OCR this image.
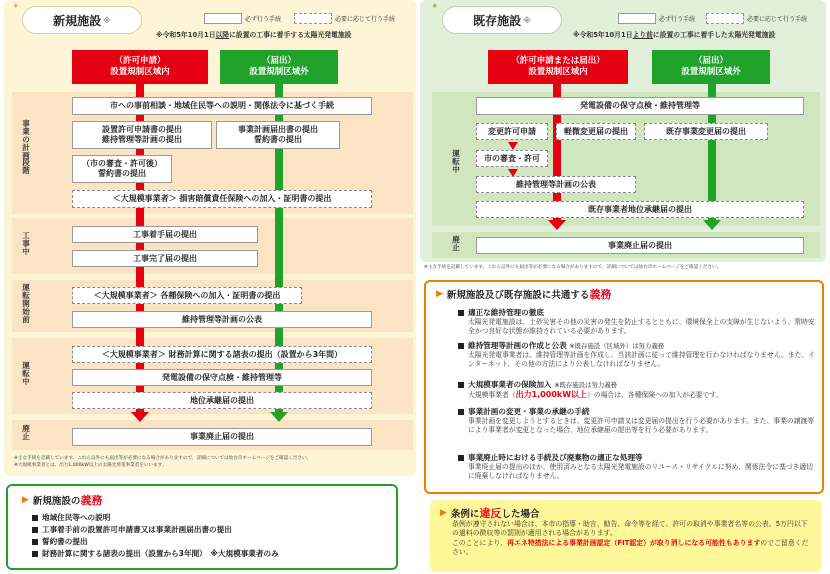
新規施設 ※
✦
必ず行う手続	必要に応じて行う手続
※令和5年10月1日以降に設置の工事に着手する太陽光発電施設
事業の計画段階
工事中
運転開始前
運転中
廃止
（許可申請）
設置規制区域内
（届出）
設置規制区域外
市への事前相談・地域住民等への説明・関係法令に基づく手続
設置許可申請書の提出
維持管理等計画の提出
事業計画届出書の提出
誓約書の提出
（市の審査・許可後）
誓約書の提出
＜大規模事業者＞
損害賠償責任保険への加入・証明書の提出
工事着手届の提出
工事完了届の提出
＜大規模事業者＞
各種保険への加入・証明書の提出
維持管理等計画の公表
＜大規模事業者＞
財務計算に関する諸表の提出（設置から3年間）
発電設備の保守点検・維持管理等
地位承継届の提出
事業廃止届の提出
※主な手続を記載しています。これら以外にも届出等が必要になる場合がありますので、詳細については仙台市ホームページをご確認ください。
※大規模事業者とは、出力1,000kW以上の太陽光発電事業者をいいます。
▶ 新規施設の義務
地域住民等への説明
工事着手前の設置許可申請書又は事業計画届出書の提出
誓約書の提出
財務計算に関する諸表の提出（設置から3年間）　※大規模事業者のみ
既存施設 ※
✦
必ず行う手続	必要に応じて行う手続
※令和5年10月1日より前に設置の工事に着手した太陽光発電施設
運転中
廃止
（許可申請または届出）
設置規制区域内
（届出）
設置規制区域外
発電設備の保守点検・維持管理等
変更許可申請	軽微変更届の提出	既存事業変更届の提出
市の審査・許可
維持管理等計画の公表
既存事業者地位承継届の提出
事業廃止届の提出
※主な手続を記載しています。これら以外にも届出等が必要になる場合がありますので、詳細については仙台市ホームページをご確認ください。
▶ 新規施設及び既存施設に共通する義務
適正な維持管理の徹底
太陽光発電施設は、土砂災害その他の災害の発生を防止するとともに、環境保全上の支障が生じないよう、常時安全かつ良好な状態が維持されている必要があります。
維持管理等計画の作成と公表 ※既存施設（区域外）は努力義務
太陽光発電事業者は、維持管理等計画を作成し、当該計画に従って維持管理を行わなければなりません。また、インターネット、その他の方法により公表しなければなりません。
大規模事業者の保険加入 ※既存施設は努力義務
大規模事業者（出力1,000kW以上）の場合は、各種保険への加入が必要です。
事業計画の変更・事業の承継の手続
事業計画を変更しようとするときは、変更許可申請又は変更届の提出を行う必要があります。また、事業の譲渡等により事業者が変更となった場合、地位承継届の提出等を行う必要があります。
事業廃止時における手続及び廃棄物の適正な処理等
事業廃止届の提出のほか、使用済みとなる太陽光発電施設のリユース・リサイクルに努め、関係法令に基づき適切に廃棄しなければなりません。
▶ 条例に違反した場合
条例が遵守されない場合は、本市の指導・助言、勧告、命令等を経て、許可の取消や事業者名等の公表、5万円以下の過料の徴収等の罰則が適用される場合があります。
このことにより、再エネ特措法による事業計画認定（FIT認定）が取り消しになる可能性もありますのでご留意ください。
